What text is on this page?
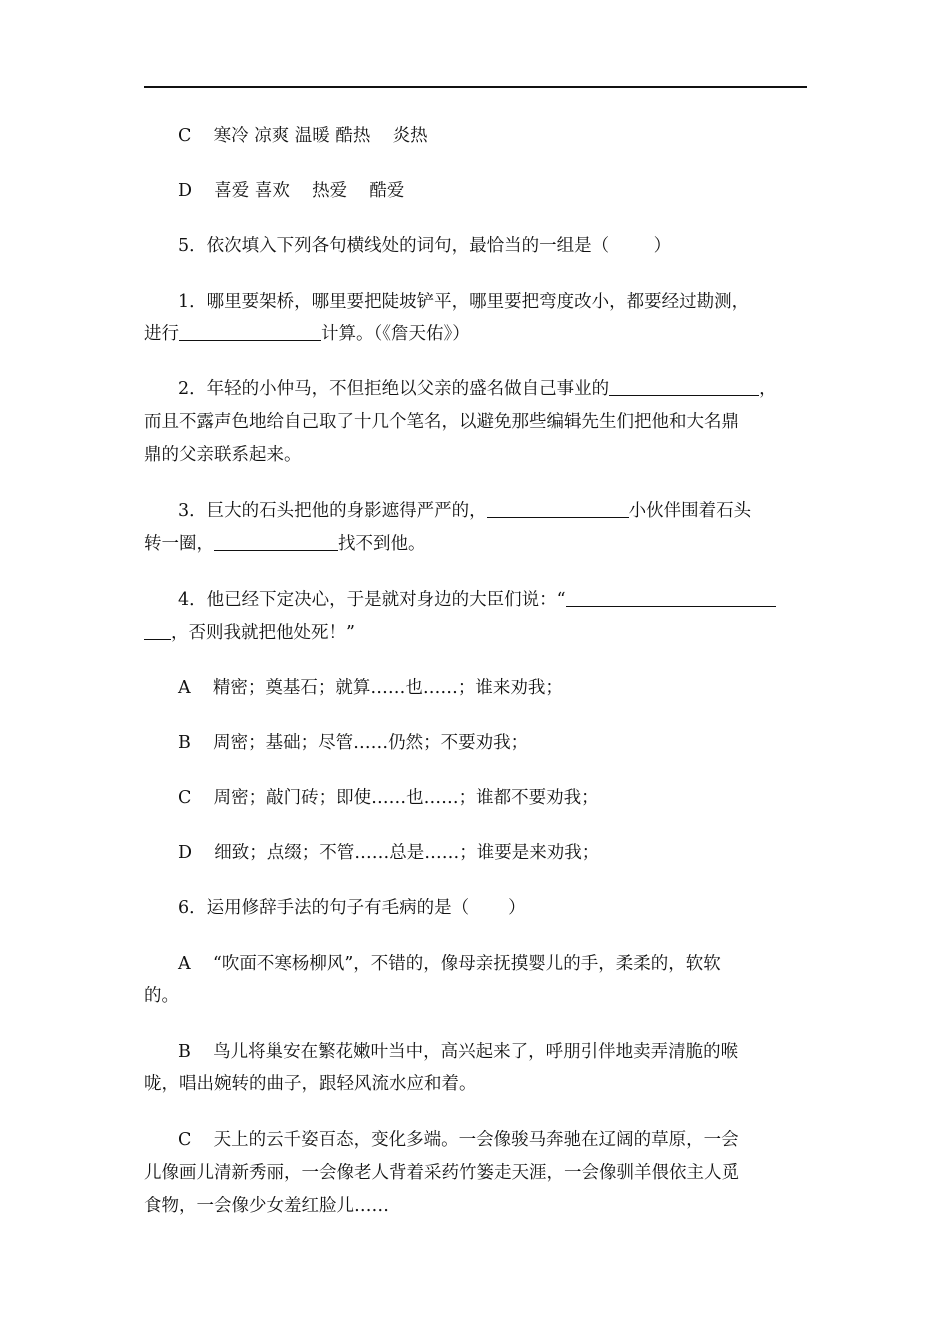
C    寒冷 凉爽 温暖 酷热    炎热
D    喜爱 喜欢    热爱    酷爱
5．依次填入下列各句横线处的词句，最恰当的一组是（        ）
1．哪里要架桥，哪里要把陡坡铲平，哪里要把弯度改小，都要经过勘测，
进行	计算。（《詹天佑》）
2．年轻的小仲马，不但拒绝以父亲的盛名做自己事业的	，
而且不露声色地给自己取了十几个笔名，以避免那些编辑先生们把他和大名鼎
鼎的父亲联系起来。
3．巨大的石头把他的身影遮得严严的，	小伙伴围着石头
转一圈，	找不到他。
4．他已经下定决心，于是就对身边的大臣们说：“
，否则我就把他处死！”
A    精密；奠基石；就算……也……；谁来劝我；
B    周密；基础；尽管……仍然；不要劝我；
C    周密；敲门砖；即使……也……；谁都不要劝我；
D    细致；点缀；不管……总是……；谁要是来劝我；
6．运用修辞手法的句子有毛病的是（       ）
A    “吹面不寒杨柳风”，不错的，像母亲抚摸婴儿的手，柔柔的，软软
的。
B    鸟儿将巢安在繁花嫩叶当中，高兴起来了，呼朋引伴地卖弄清脆的喉
咙，唱出婉转的曲子，跟轻风流水应和着。
C    天上的云千姿百态，变化多端。一会像骏马奔驰在辽阔的草原，一会
儿像画儿清新秀丽，一会像老人背着采药竹篓走天涯，一会像驯羊偎依主人觅
食物，一会像少女羞红脸儿……
